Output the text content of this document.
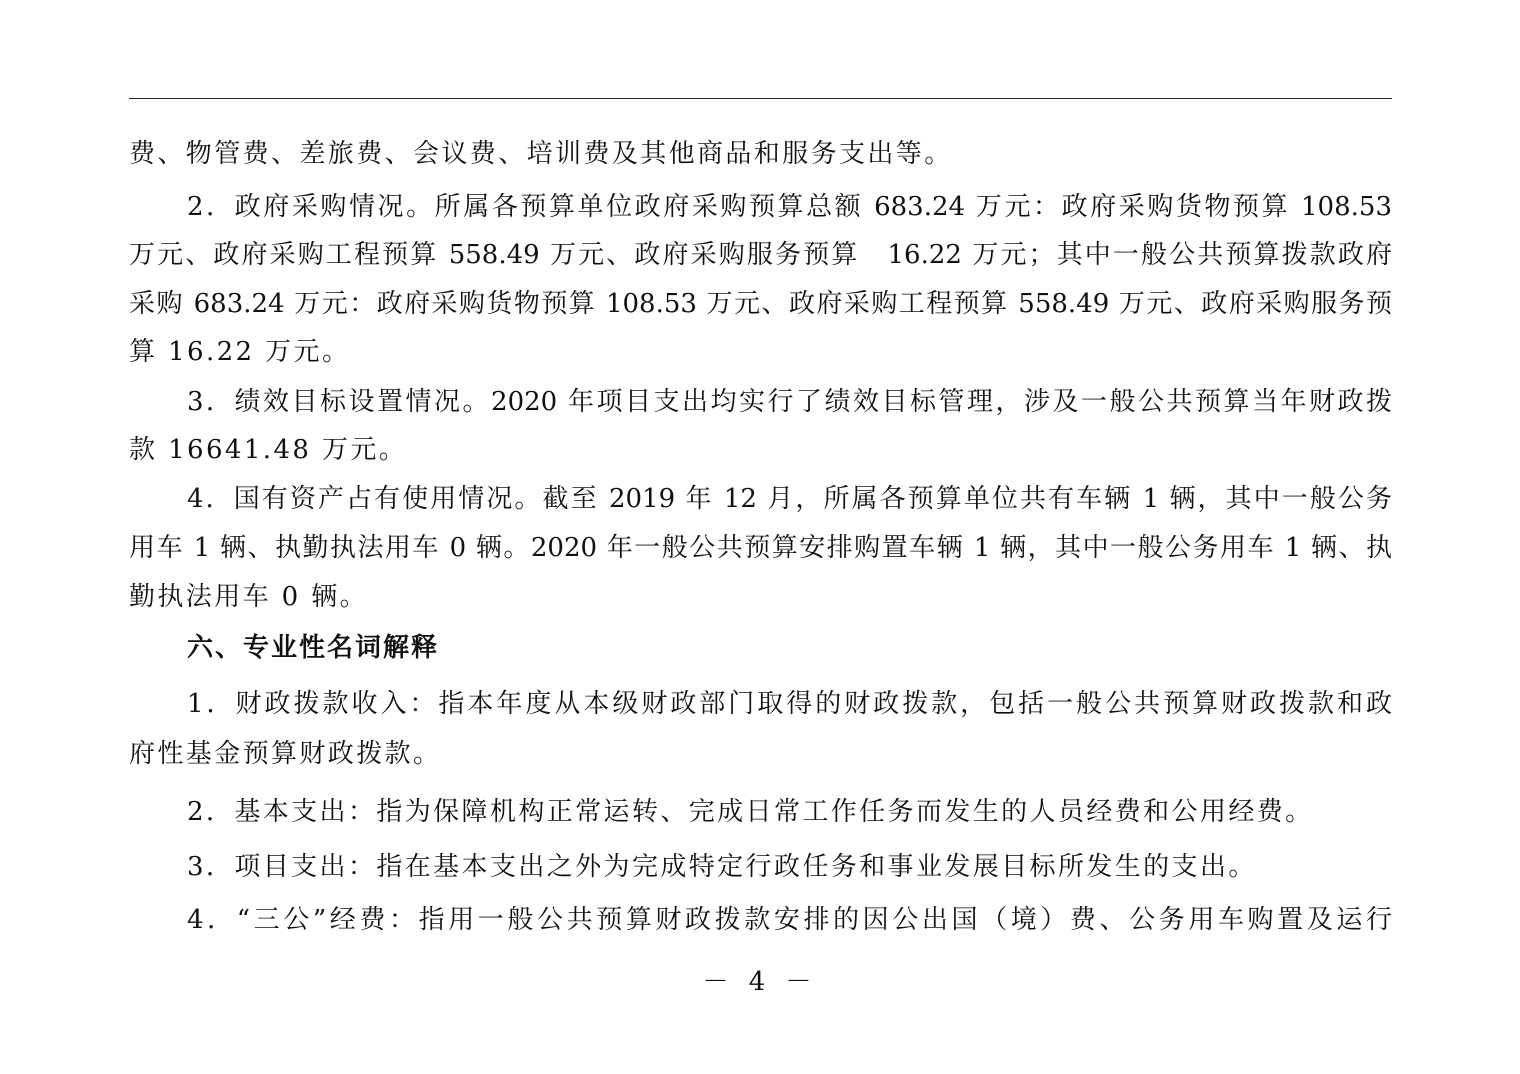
费、物管费、差旅费、会议费、培训费及其他商品和服务支出等。
2．政府采购情况。所属各预算单位政府采购预算总额 683.24 万元：政府采购货物预算 108.53
万元、政府采购工程预算 558.49 万元、政府采购服务预算　16.22 万元；其中一般公共预算拨款政府
采购 683.24 万元：政府采购货物预算 108.53 万元、政府采购工程预算 558.49 万元、政府采购服务预
算 16.22 万元。
3．绩效目标设置情况。2020 年项目支出均实行了绩效目标管理，涉及一般公共预算当年财政拨
款 16641.48 万元。
4．国有资产占有使用情况。截至 2019 年 12 月，所属各预算单位共有车辆 1 辆，其中一般公务
用车 1 辆、执勤执法用车 0 辆。2020 年一般公共预算安排购置车辆 1 辆，其中一般公务用车 1 辆、执
勤执法用车 0 辆。
六、专业性名词解释
1．财政拨款收入：指本年度从本级财政部门取得的财政拨款，包括一般公共预算财政拨款和政
府性基金预算财政拨款。
2．基本支出：指为保障机构正常运转、完成日常工作任务而发生的人员经费和公用经费。
3．项目支出：指在基本支出之外为完成特定行政任务和事业发展目标所发生的支出。
4．“三公”经费：指用一般公共预算财政拨款安排的因公出国（境）费、公务用车购置及运行
－ 4 －
